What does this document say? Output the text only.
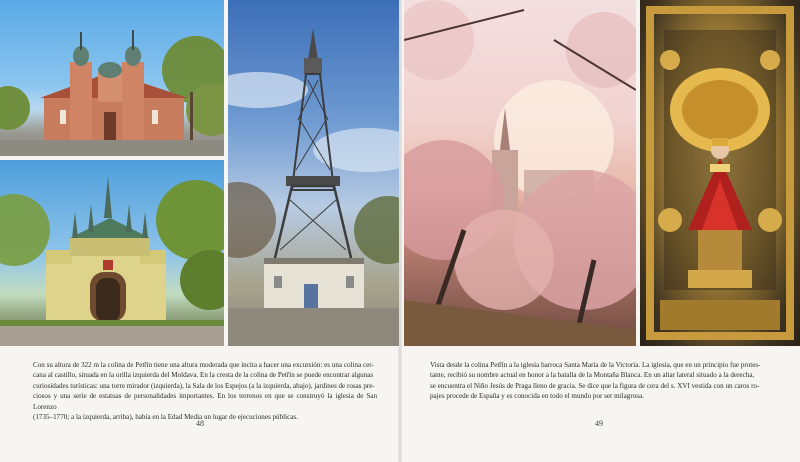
Con su altura de 322 m la colina de Petřín tiene una altura moderada que incita a hacer una excursión: es una colina cer-
cana al castillo, situada en la orilla izquierda del Moldava. En la cresta de la colina de Petřín se puede encontrar algunas
curiosidades turísticas: una torre mirador (izquierda), la Sala de los Espejos (a la izquierda, abajo), jardines de rosas pre-
ciosos y una serie de estatuas de personalidades importantes. En los terrenos en que se construyó la iglesia de San Lorenzo
(1735–1770; a la izquierda, arriba), había en la Edad Media un lugar de ejecuciones públicas.
48
Vista desde la colina Petřín a la iglesia barroca Santa María de la Victoria. La iglesia, que en un principio fue protes-
tante, recibió su nombre actual en honor a la batalla de la Montaña Blanca. En un altar lateral situado a la derecha,
se encuentra el Niño Jesús de Praga lleno de gracia. Se dice que la figura de cera del s. XVI vestida con un caros ro-
pajes procede de España y es conocida en todo el mundo por ser milagrosa.
49
